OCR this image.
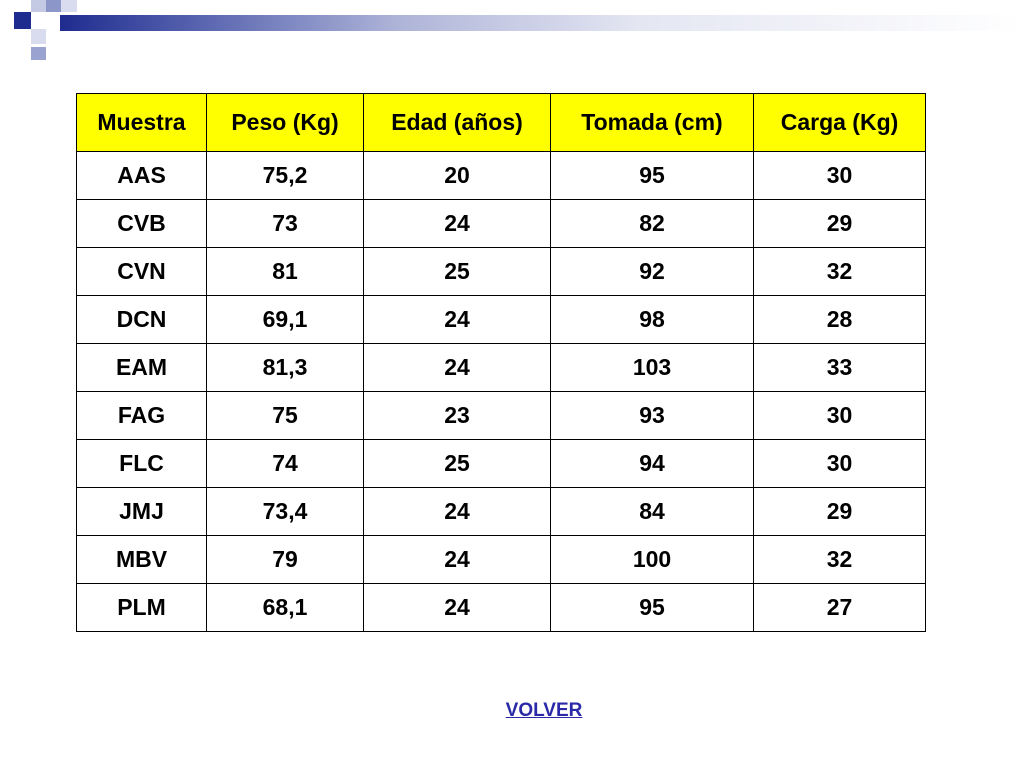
Muestra	Peso (Kg)	Edad (años)	Tomada (cm)	Carga (Kg)
AAS	75,2	20	95	30
CVB	73	24	82	29
CVN	81	25	92	32
DCN	69,1	24	98	28
EAM	81,3	24	103	33
FAG	75	23	93	30
FLC	74	25	94	30
JMJ	73,4	24	84	29
MBV	79	24	100	32
PLM	68,1	24	95	27
VOLVER
